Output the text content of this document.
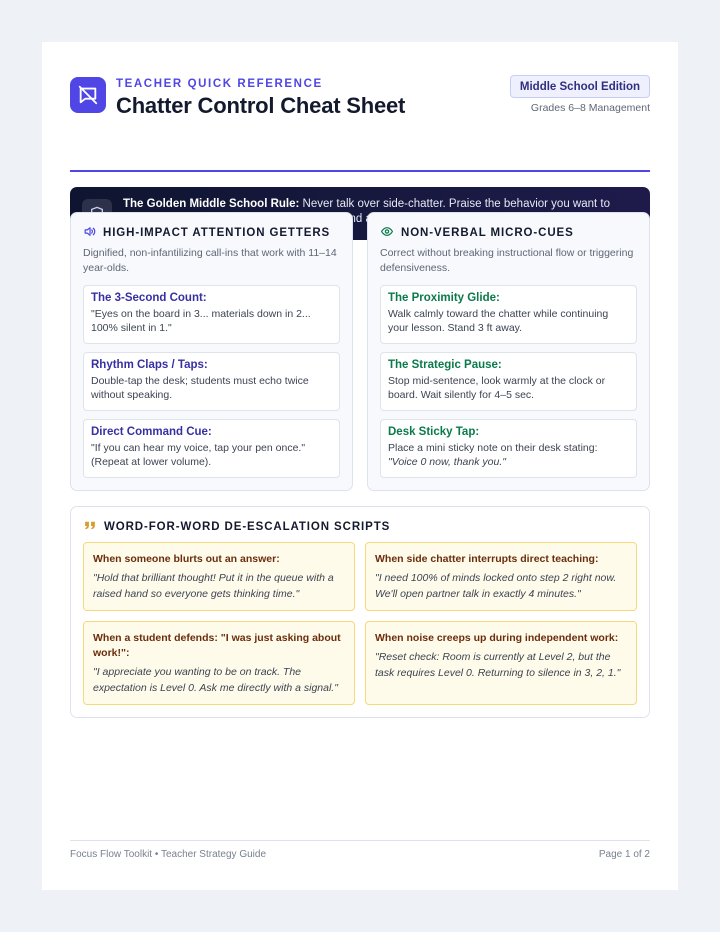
TEACHER QUICK REFERENCE
Chatter Control Cheat Sheet
Middle School Edition
Grades 6–8 Management
The Golden Middle School Rule: Never talk over side-chatter. Praise the behavior you want to
HIGH-IMPACT ATTENTION GETTERS
Dignified, non-infantilizing call-ins that work with 11–14 year-olds.
The 3-Second Count:
"Eyes on the board in 3... materials down in 2... 100% silent in 1."
Rhythm Claps / Taps:
Double-tap the desk; students must echo twice without speaking.
Direct Command Cue:
"If you can hear my voice, tap your pen once." (Repeat at lower volume).
NON-VERBAL MICRO-CUES
Correct without breaking instructional flow or triggering defensiveness.
The Proximity Glide:
Walk calmly toward the chatter while continuing your lesson. Stand 3 ft away.
The Strategic Pause:
Stop mid-sentence, look warmly at the clock or board. Wait silently for 4–5 sec.
Desk Sticky Tap:
Place a mini sticky note on their desk stating: "Voice 0 now, thank you."
WORD-FOR-WORD DE-ESCALATION SCRIPTS
When someone blurts out an answer:
"Hold that brilliant thought! Put it in the queue with a raised hand so everyone gets thinking time."
When side chatter interrupts direct teaching:
"I need 100% of minds locked onto step 2 right now. We'll open partner talk in exactly 4 minutes."
When a student defends: "I was just asking about work!":
"I appreciate you wanting to be on track. The expectation is Level 0. Ask me directly with a signal."
When noise creeps up during independent work:
"Reset check: Room is currently at Level 2, but the task requires Level 0. Returning to silence in 3, 2, 1."
Focus Flow Toolkit • Teacher Strategy Guide	Page 1 of 2
